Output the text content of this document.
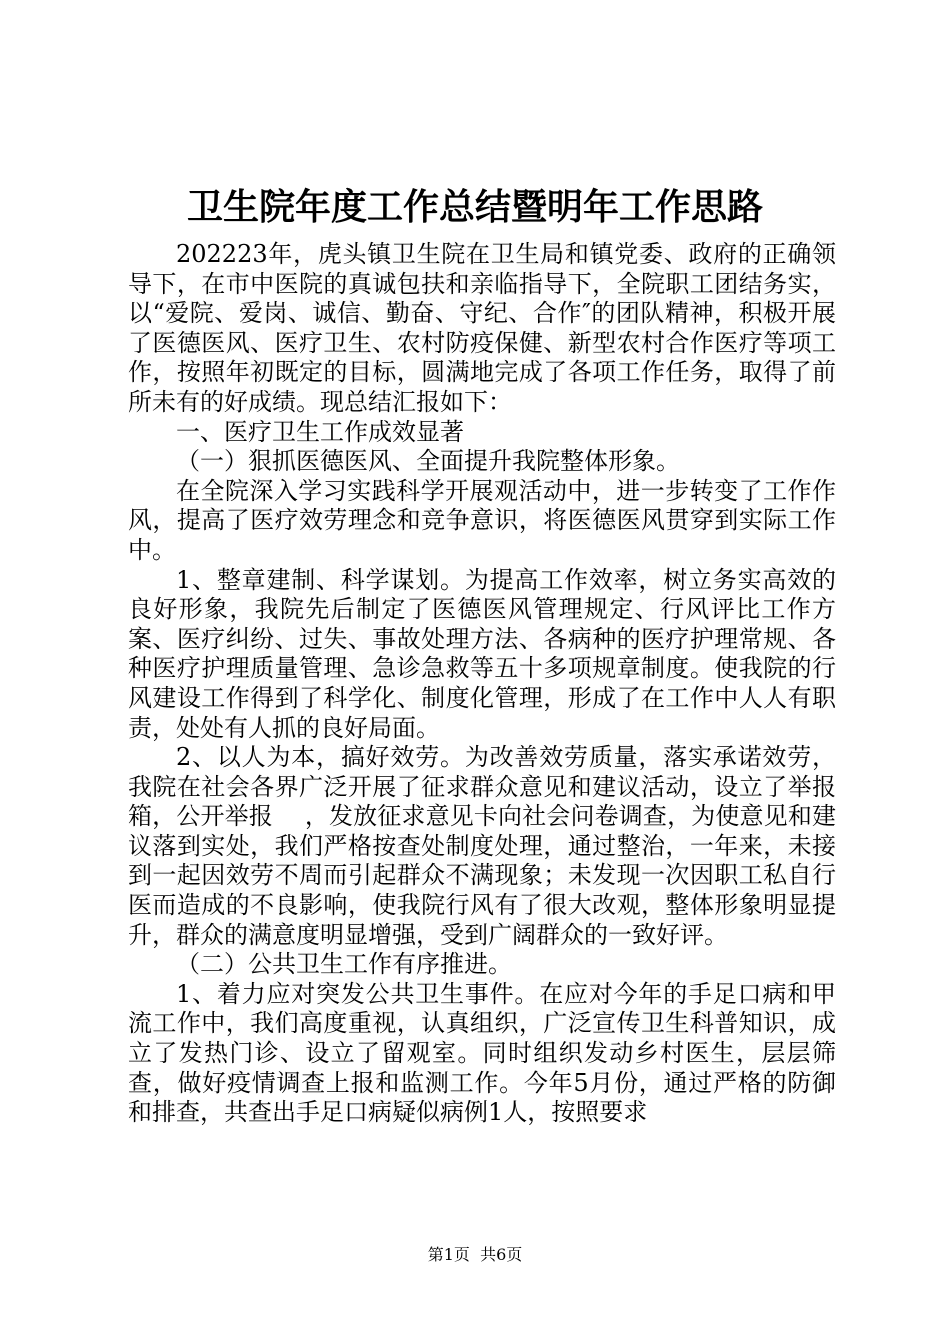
卫生院年度工作总结暨明年工作思路

202223年，虎头镇卫生院在卫生局和镇党委、政府的正确领导下，在市中医院的真诚包扶和亲临指导下，全院职工团结务实，以“爱院、爱岗、诚信、勤奋、守纪、合作″的团队精神，积极开展了医德医风、医疗卫生、农村防疫保健、新型农村合作医疗等项工作，按照年初既定的目标，圆满地完成了各项工作任务，取得了前所未有的好成绩。现总结汇报如下：

一、医疗卫生工作成效显著

（一）狠抓医德医风、全面提升我院整体形象。

在全院深入学习实践科学开展观活动中，进一步转变了工作作风，提高了医疗效劳理念和竞争意识，将医德医风贯穿到实际工作中。

1、整章建制、科学谋划。为提高工作效率，树立务实高效的良好形象，我院先后制定了医德医风管理规定、行风评比工作方案、医疗纠纷、过失、事故处理方法、各病种的医疗护理常规、各种医疗护理质量管理、急诊急救等五十多项规章制度。使我院的行风建设工作得到了科学化、制度化管理，形成了在工作中人人有职责，处处有人抓的良好局面。

2、以人为本，搞好效劳。为改善效劳质量，落实承诺效劳，我院在社会各界广泛开展了征求群众意见和建议活动，设立了举报箱，公开举报　 ，发放征求意见卡向社会问卷调查，为使意见和建议落到实处，我们严格按查处制度处理，通过整治，一年来，未接到一起因效劳不周而引起群众不满现象；未发现一次因职工私自行医而造成的不良影响，使我院行风有了很大改观，整体形象明显提升，群众的满意度明显增强，受到广阔群众的一致好评。

（二）公共卫生工作有序推进。

1、着力应对突发公共卫生事件。在应对今年的手足口病和甲流工作中，我们高度重视，认真组织，广泛宣传卫生科普知识，成立了发热门诊、设立了留观室。同时组织发动乡村医生，层层筛查，做好疫情调查上报和监测工作。今年5月份，通过严格的防御和排查，共查出手足口病疑似病例1人，按照要求

第1页  共6页
